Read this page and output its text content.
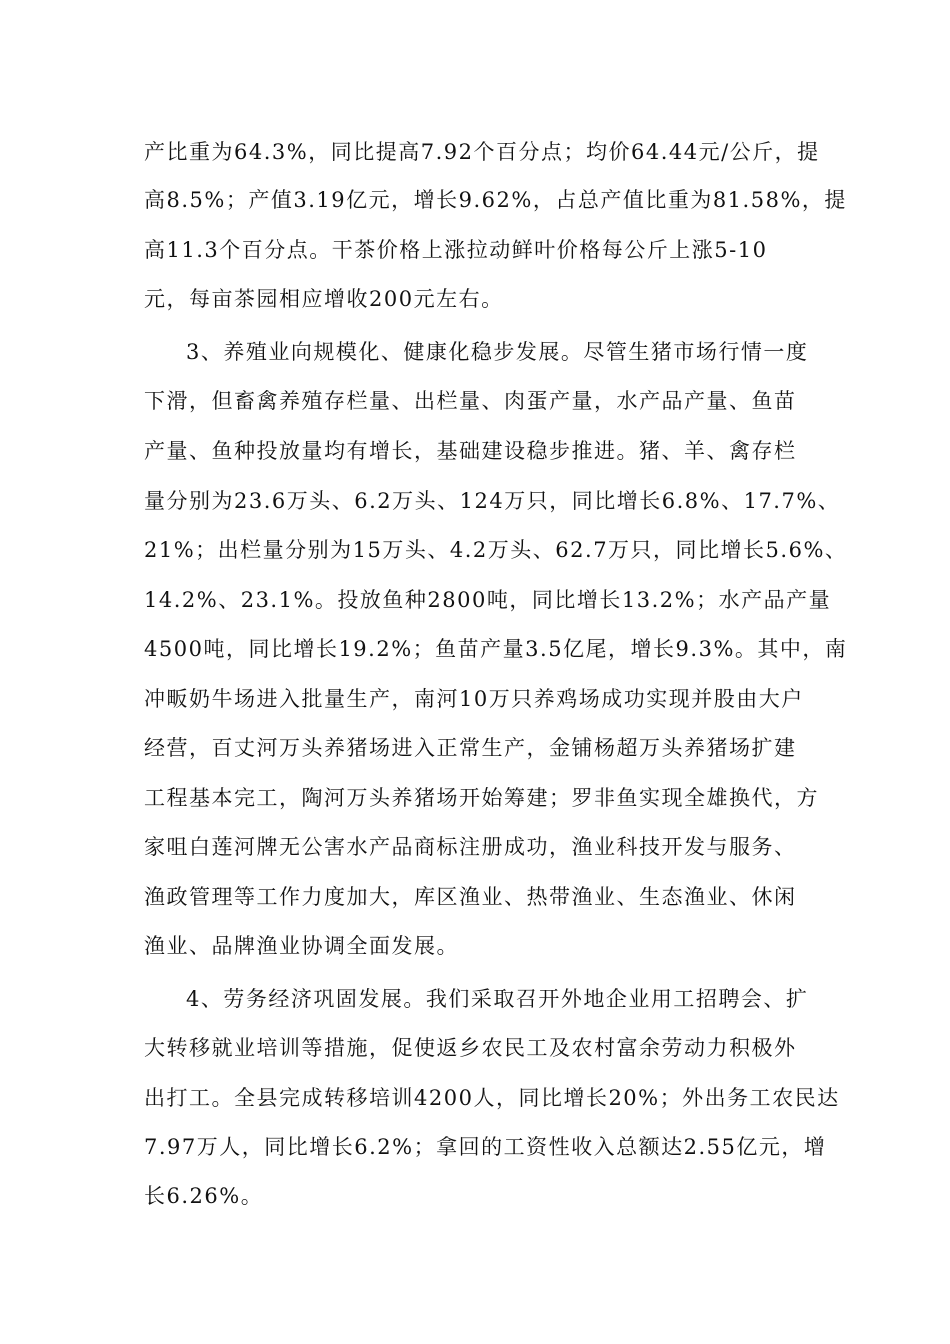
产比重为64.3%，同比提高7.92个百分点；均价64.44元/公斤，提
高8.5%；产值3.19亿元，增长9.62%，占总产值比重为81.58%，提
高11.3个百分点。干茶价格上涨拉动鲜叶价格每公斤上涨5-10
元，每亩茶园相应增收200元左右。
3、养殖业向规模化、健康化稳步发展。尽管生猪市场行情一度
下滑，但畜禽养殖存栏量、出栏量、肉蛋产量，水产品产量、鱼苗
产量、鱼种投放量均有增长，基础建设稳步推进。猪、羊、禽存栏
量分别为23.6万头、6.2万头、124万只，同比增长6.8%、17.7%、
21%；出栏量分别为15万头、4.2万头、62.7万只，同比增长5.6%、
14.2%、23.1%。投放鱼种2800吨，同比增长13.2%；水产品产量
4500吨，同比增长19.2%；鱼苗产量3.5亿尾，增长9.3%。其中，南
冲畈奶牛场进入批量生产，南河10万只养鸡场成功实现并股由大户
经营，百丈河万头养猪场进入正常生产，金铺杨超万头养猪场扩建
工程基本完工，陶河万头养猪场开始筹建；罗非鱼实现全雄换代，方
家咀白莲河牌无公害水产品商标注册成功，渔业科技开发与服务、
渔政管理等工作力度加大，库区渔业、热带渔业、生态渔业、休闲
渔业、品牌渔业协调全面发展。
4、劳务经济巩固发展。我们采取召开外地企业用工招聘会、扩
大转移就业培训等措施，促使返乡农民工及农村富余劳动力积极外
出打工。全县完成转移培训4200人，同比增长20%；外出务工农民达
7.97万人，同比增长6.2%；拿回的工资性收入总额达2.55亿元，增
长6.26%。
